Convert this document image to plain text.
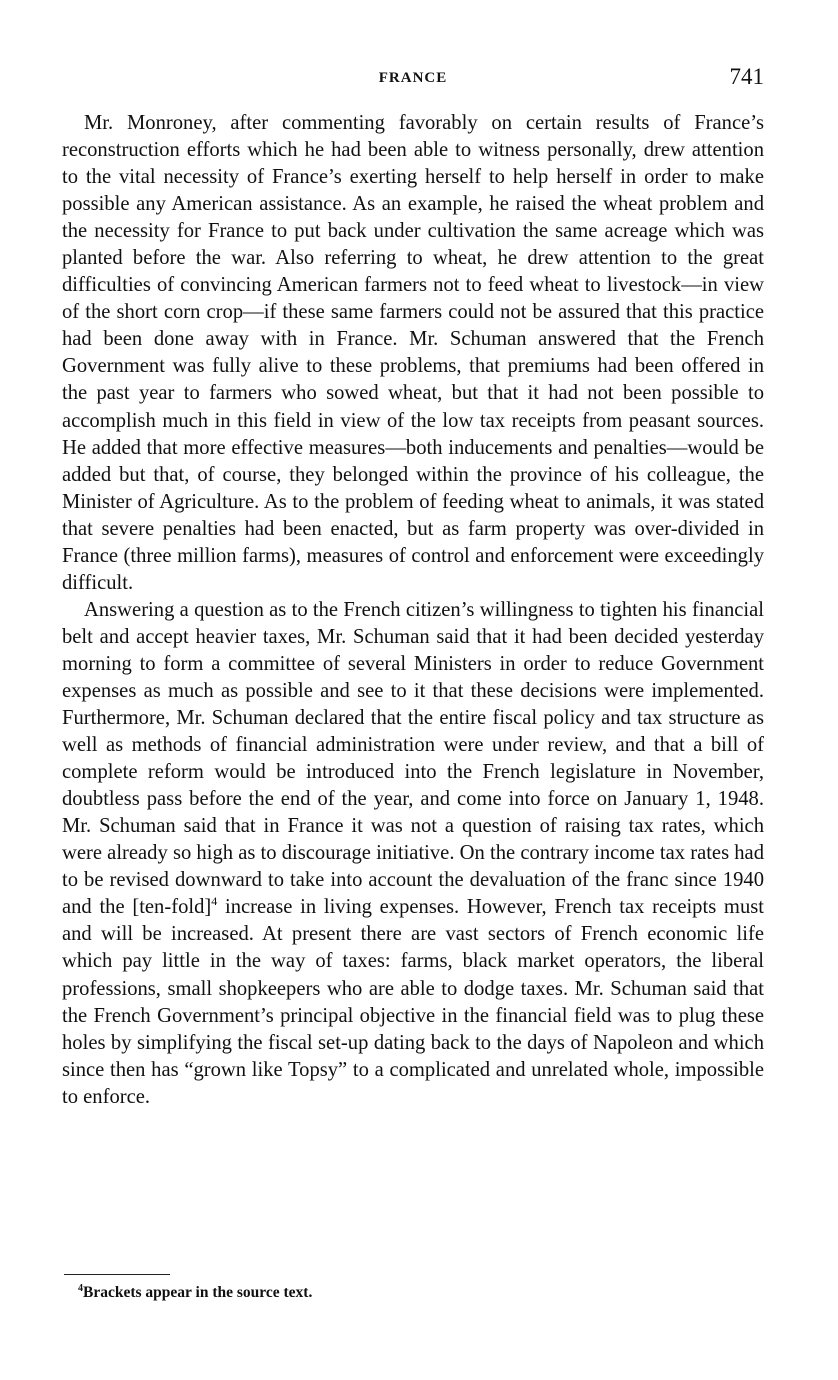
FRANCE	741

Mr. Monroney, after commenting favorably on certain results of France’s reconstruction efforts which he had been able to witness personally, drew attention to the vital necessity of France’s exerting herself to help herself in order to make possible any American assistance. As an example, he raised the wheat problem and the necessity for France to put back under cultivation the same acreage which was planted before the war. Also referring to wheat, he drew attention to the great difficulties of convincing American farmers not to feed wheat to livestock—in view of the short corn crop—if these same farmers could not be assured that this practice had been done away with in France. Mr. Schuman answered that the French Government was fully alive to these problems, that premiums had been offered in the past year to farmers who sowed wheat, but that it had not been possible to accomplish much in this field in view of the low tax receipts from peasant sources. He added that more effective measures—both inducements and penalties—would be added but that, of course, they belonged within the province of his colleague, the Minister of Agriculture. As to the problem of feeding wheat to animals, it was stated that severe penalties had been enacted, but as farm property was over-divided in France (three million farms), measures of control and enforcement were exceedingly difficult.

Answering a question as to the French citizen’s willingness to tighten his financial belt and accept heavier taxes, Mr. Schuman said that it had been decided yesterday morning to form a committee of several Ministers in order to reduce Government expenses as much as possible and see to it that these decisions were implemented. Furthermore, Mr. Schuman declared that the entire fiscal policy and tax structure as well as methods of financial administration were under review, and that a bill of complete reform would be introduced into the French legislature in November, doubtless pass before the end of the year, and come into force on January 1, 1948. Mr. Schuman said that in France it was not a question of raising tax rates, which were already so high as to discourage initiative. On the contrary income tax rates had to be revised downward to take into account the devaluation of the franc since 1940 and the [ten-fold]$^4$ increase in living expenses. However, French tax receipts must and will be increased. At present there are vast sectors of French economic life which pay little in the way of taxes: farms, black market operators, the liberal professions, small shopkeepers who are able to dodge taxes. Mr. Schuman said that the French Government’s principal objective in the financial field was to plug these holes by simplifying the fiscal set-up dating back to the days of Napoleon and which since then has “grown like Topsy” to a complicated and unrelated whole, impossible to enforce.

$^4$Brackets appear in the source text.
